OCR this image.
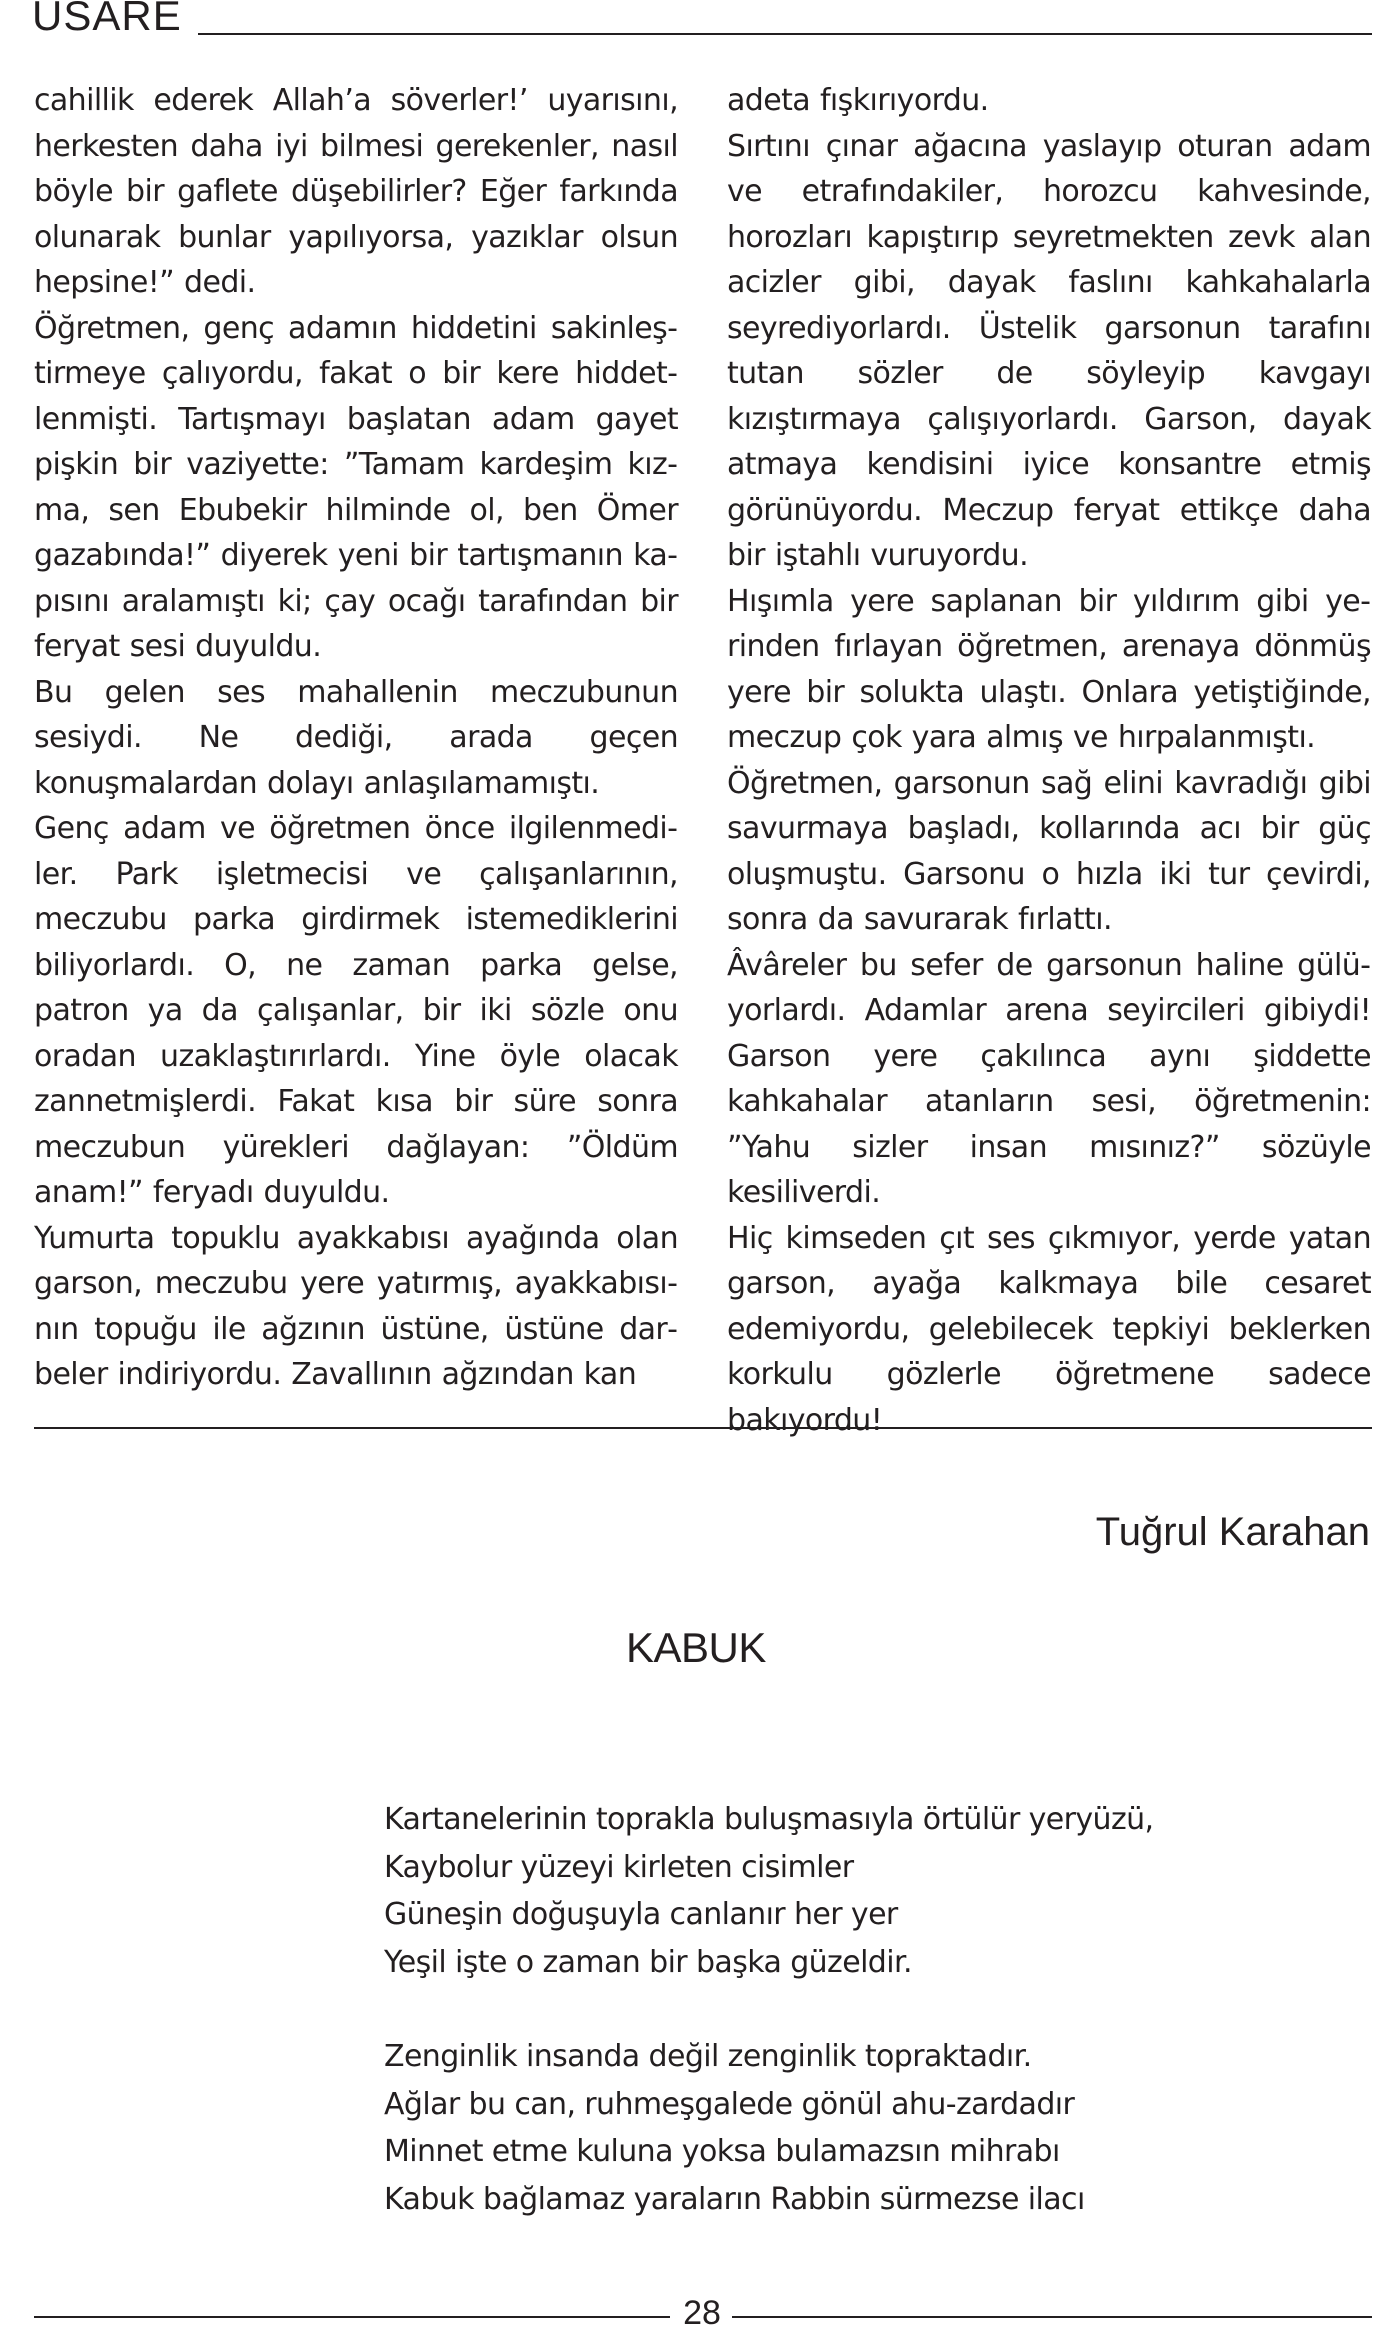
USARE

cahillik ederek Allah’a söverler!’ uyarısını, herkesten daha iyi bilmesi gerekenler, nasıl böyle bir gaflete düşebilirler? Eğer farkında olunarak bunlar yapılıyorsa, yazıklar olsun hepsine!” dedi.

Öğretmen, genç adamın hiddetini sakinleştirmeye çalıyordu, fakat o bir kere hiddetlenmişti. Tartışmayı başlatan adam gayet pişkin bir vaziyette: ”Tamam kardeşim kızma, sen Ebubekir hilminde ol, ben Ömer gazabında!” diyerek yeni bir tartışmanın kapısını aralamıştı ki; çay ocağı tarafından bir feryat sesi duyuldu.

Bu gelen ses mahallenin meczubunun sesiydi. Ne dediği, arada geçen konuşmalardan dolayı anlaşılamamıştı.

Genç adam ve öğretmen önce ilgilenmediler. Park işletmecisi ve çalışanlarının, meczubu parka girdirmek istemediklerini biliyorlardı. O, ne zaman parka gelse, patron ya da çalışanlar, bir iki sözle onu oradan uzaklaştırırlardı. Yine öyle olacak zannetmişlerdi. Fakat kısa bir süre sonra meczubun yürekleri dağlayan: ”Öldüm anam!” feryadı duyuldu.

Yumurta topuklu ayakkabısı ayağında olan garson, meczubu yere yatırmış, ayakkabısının topuğu ile ağzının üstüne, üstüne darbeler indiriyordu. Zavallının ağzından kan

adeta fışkırıyordu.

Sırtını çınar ağacına yaslayıp oturan adam ve etrafındakiler, horozcu kahvesinde, horozları kapıştırıp seyretmekten zevk alan acizler gibi, dayak faslını kahkahalarla seyrediyorlardı. Üstelik garsonun tarafını tutan sözler de söyleyip kavgayı kızıştırmaya çalışıyorlardı. Garson, dayak atmaya kendisini iyice konsantre etmiş görünüyordu. Meczup feryat ettikçe daha bir iştahlı vuruyordu.

Hışımla yere saplanan bir yıldırım gibi yerinden fırlayan öğretmen, arenaya dönmüş yere bir solukta ulaştı. Onlara yetiştiğinde, meczup çok yara almış ve hırpalanmıştı.

Öğretmen, garsonun sağ elini kavradığı gibi savurmaya başladı, kollarında acı bir güç oluşmuştu. Garsonu o hızla iki tur çevirdi, sonra da savurarak fırlattı.

Âvâreler bu sefer de garsonun haline gülüyorlardı. Adamlar arena seyircileri gibiydi! Garson yere çakılınca aynı şiddette kahkahalar atanların sesi, öğretmenin: ”Yahu sizler insan mısınız?” sözüyle kesiliverdi.

Hiç kimseden çıt ses çıkmıyor, yerde yatan garson, ayağa kalkmaya bile cesaret edemiyordu, gelebilecek tepkiyi beklerken korkulu gözlerle öğretmene sadece bakıyordu!

Tuğrul Karahan
KABUK
Kartanelerinin toprakla buluşmasıyla örtülür yeryüzü,
Kaybolur yüzeyi kirleten cisimler
Güneşin doğuşuyla canlanır her yer
Yeşil işte o zaman bir başka güzeldir.
Zenginlik insanda değil zenginlik topraktadır.
Ağlar bu can, ruhmeşgalede gönül ahu-zardadır
Minnet etme kuluna yoksa bulamazsın mihrabı
Kabuk bağlamaz yaraların Rabbin sürmezse ilacı
28
